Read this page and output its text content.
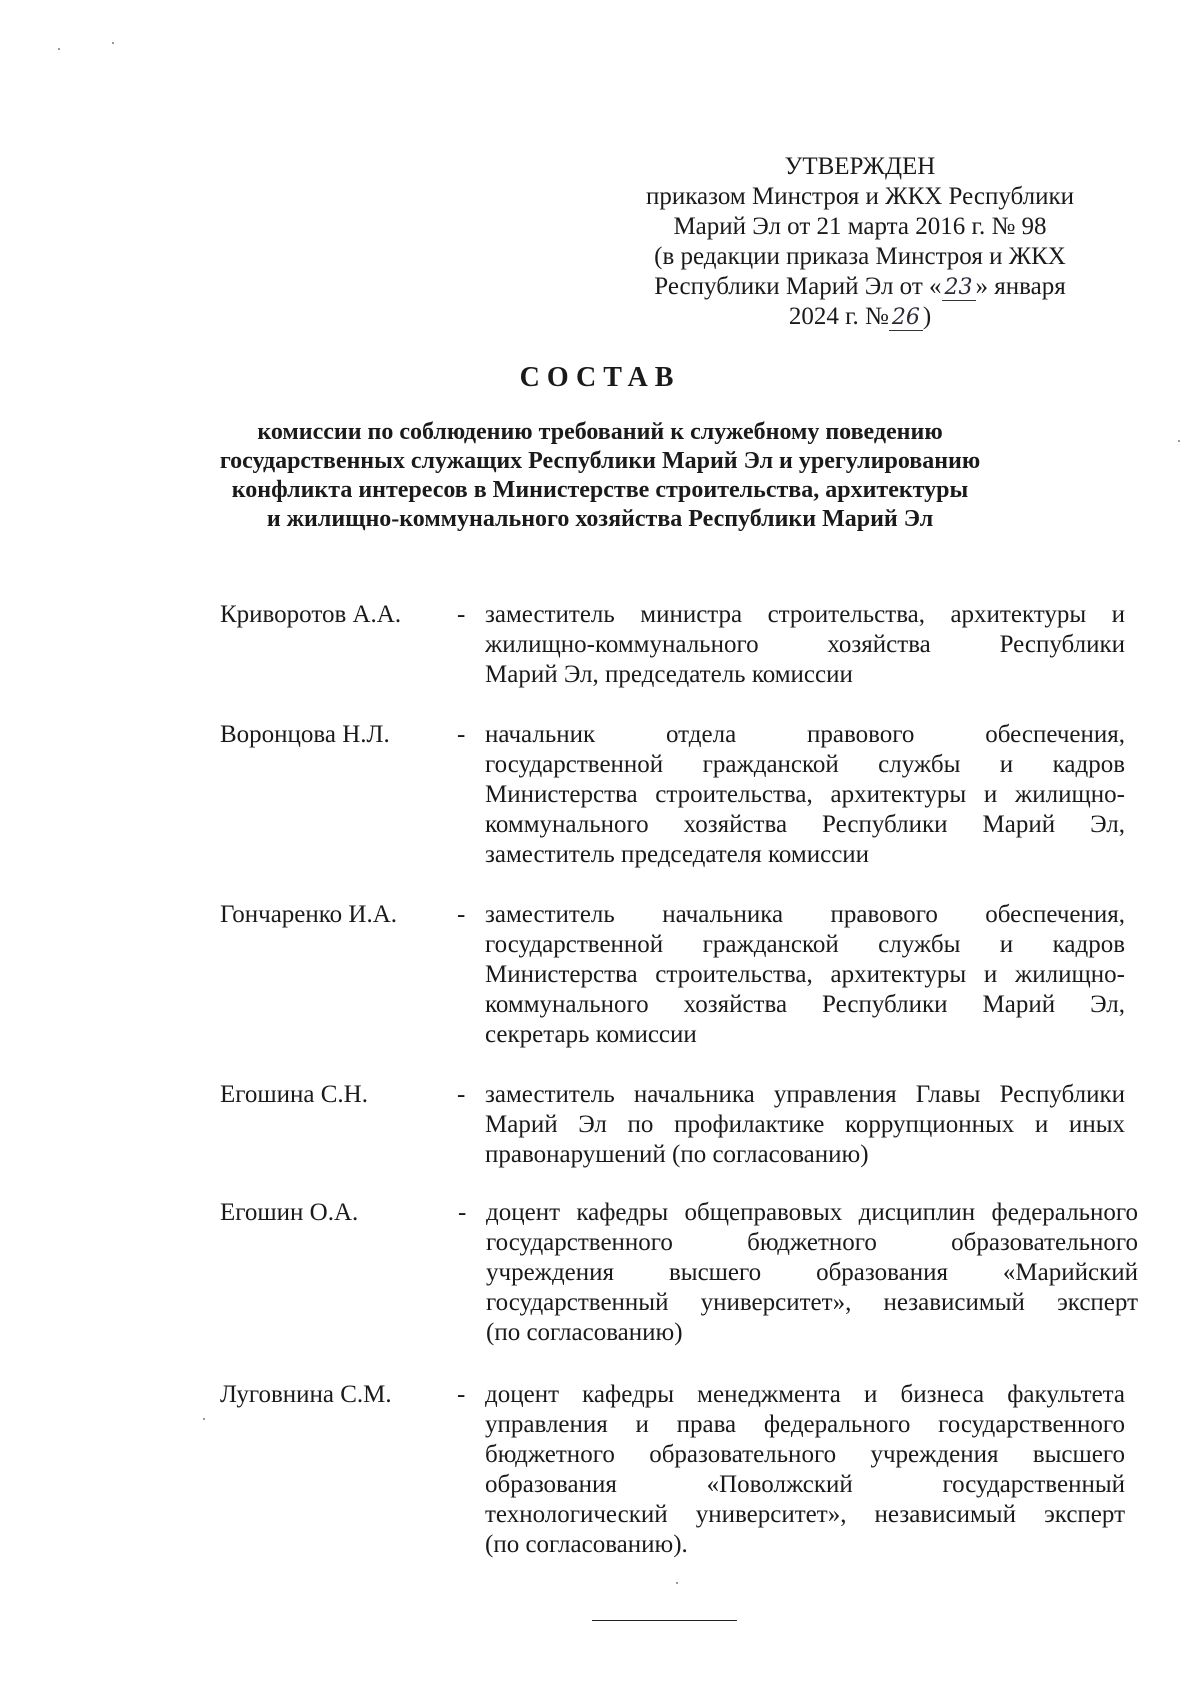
УТВЕРЖДЕН
приказом Минстроя и ЖКХ Республики
Марий Эл от 21 марта 2016 г. № 98
(в редакции приказа Минстроя и ЖКХ
Республики Марий Эл от « 23 » января
2024 г. № 26 )
СОСТАВ
комиссии по соблюдению требований к служебному поведению
государственных служащих Республики Марий Эл и урегулированию
конфликта интересов в Министерстве строительства, архитектуры
и жилищно-коммунального хозяйства Республики Марий Эл
Криворотов А.А. - заместитель министра строительства, архитектуры и
жилищно-коммунального хозяйства Республики
Марий Эл, председатель комиссии
Воронцова Н.Л.	- начальник отдела правового обеспечения,
государственной гражданской службы и кадров
Министерства строительства, архитектуры и жилищно-
коммунального хозяйства Республики Марий Эл,
заместитель председателя комиссии
Гончаренко И.А. - заместитель начальника правового обеспечения,
государственной гражданской службы и кадров
Министерства строительства, архитектуры и жилищно-
коммунального хозяйства Республики Марий Эл,
секретарь комиссии
Егошина С.Н.	- заместитель начальника управления Главы Республики
Марий Эл по профилактике коррупционных и иных
правонарушений (по согласованию)
Егошин О.А.	- доцент кафедры общеправовых дисциплин федерального
государственного бюджетного образовательного
учреждения высшего образования «Марийский
государственный университет», независимый эксперт
(по согласованию)
Луговнина С.М.	- доцент кафедры менеджмента и бизнеса факультета
управления и права федерального государственного
бюджетного образовательного учреждения высшего
образования «Поволжский государственный
технологический университет», независимый эксперт
(по согласованию).
